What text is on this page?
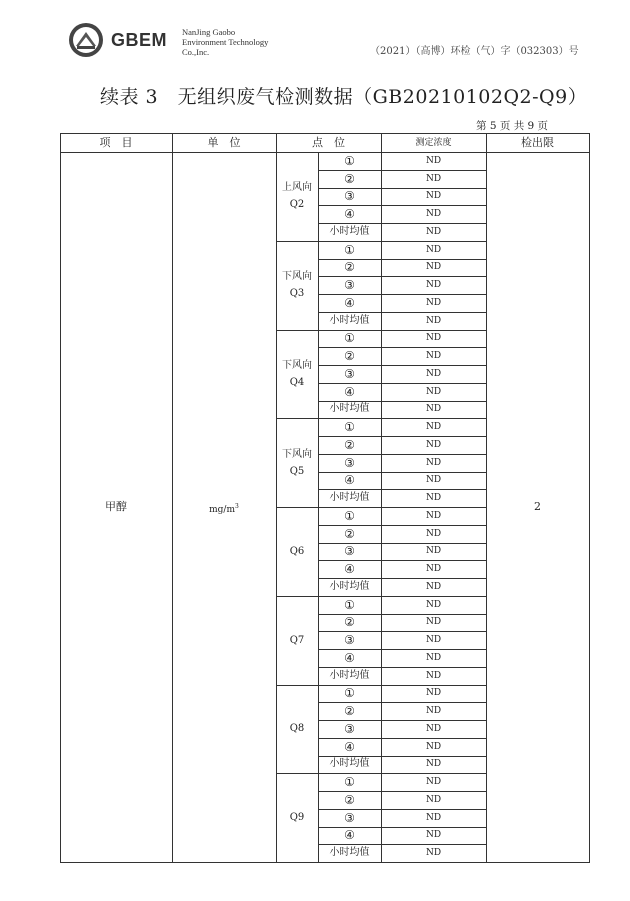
GBEM NanJing Gaobo
Environment Technology
Co.,Inc.	（2021）（高博）环检（气）字（032303）号
续表 3　无组织废气检测数据（GB20210102Q2-Q9）
第 5 页 共 9 页
项　目	单　位	点　位	测定浓度	检出限
甲醇	$mg/m^3$	2
上风向
Q2
①	ND
②	ND
③	ND
④	ND
小时均值	ND
下风向
Q3
①	ND
②	ND
③	ND
④	ND
小时均值	ND
下风向
Q4
①	ND
②	ND
③	ND
④	ND
小时均值	ND
下风向
Q5
①	ND
②	ND
③	ND
④	ND
小时均值	ND
Q6
①	ND
②	ND
③	ND
④	ND
小时均值	ND
Q7
①	ND
②	ND
③	ND
④	ND
小时均值	ND
Q8
①	ND
②	ND
③	ND
④	ND
小时均值	ND
Q9
①	ND
②	ND
③	ND
④	ND
小时均值	ND
